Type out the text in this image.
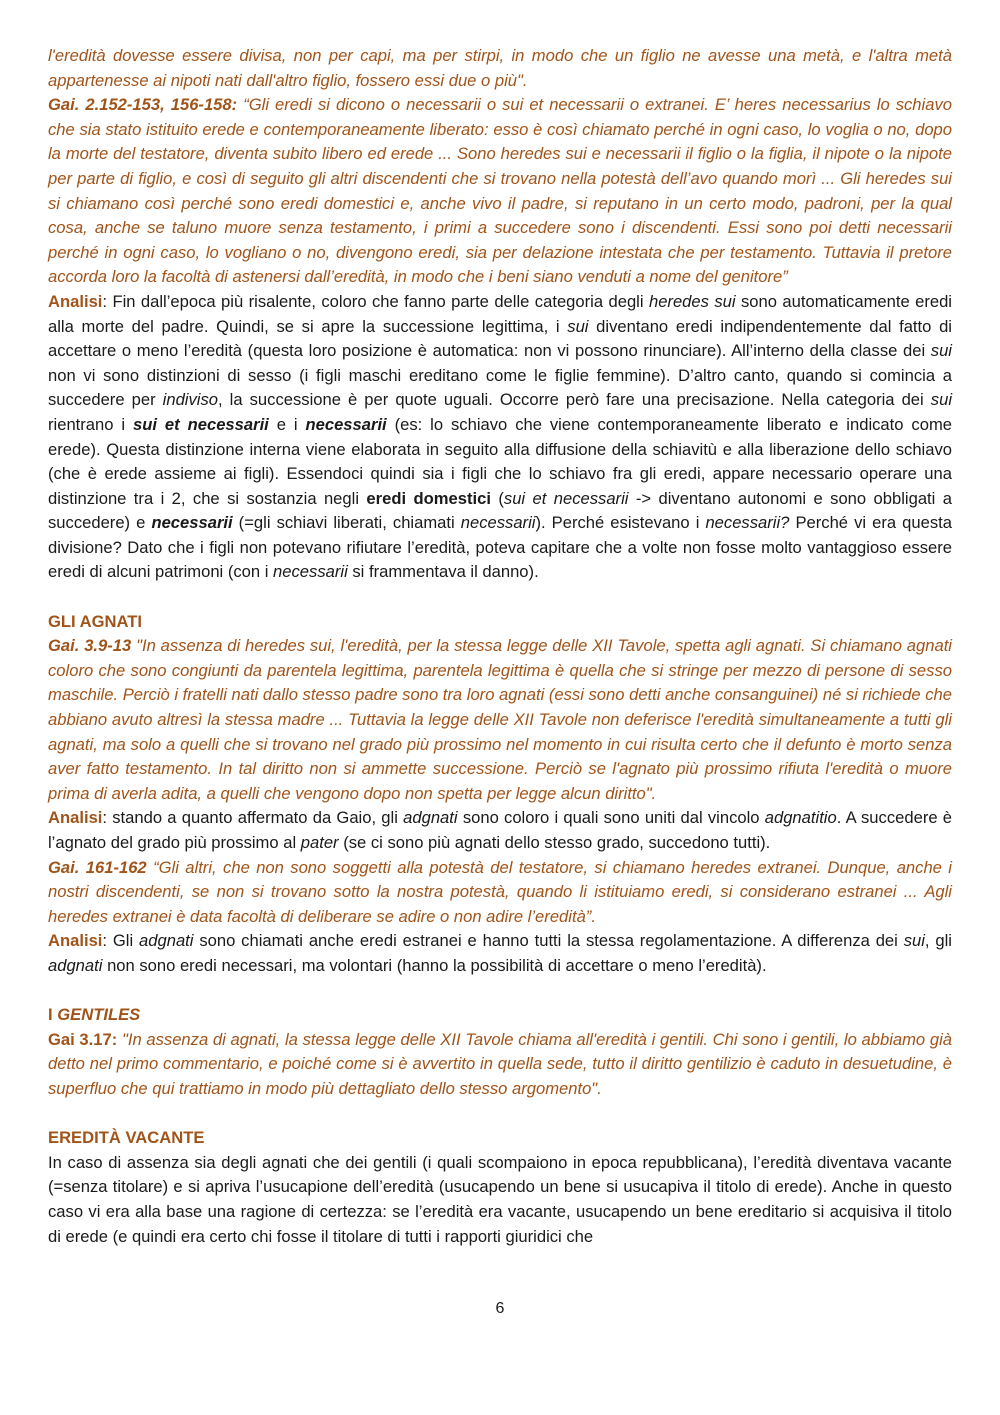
l'eredità dovesse essere divisa, non per capi, ma per stirpi, in modo che un figlio ne avesse una metà, e l'altra metà appartenesse ai nipoti nati dall'altro figlio, fossero essi due o più".

Gai. 2.152-153, 156-158: “Gli eredi si dicono o necessarii o sui et necessarii o extranei. E’ heres necessarius lo schiavo che sia stato istituito erede e contemporaneamente liberato: esso è così chiamato perché in ogni caso, lo voglia o no, dopo la morte del testatore, diventa subito libero ed erede ... Sono heredes sui e necessarii il figlio o la figlia, il nipote o la nipote per parte di figlio, e così di seguito gli altri discendenti che si trovano nella potestà dell’avo quando morì ... Gli heredes sui si chiamano così perché sono eredi domestici e, anche vivo il padre, si reputano in un certo modo, padroni, per la qual cosa, anche se taluno muore senza testamento, i primi a succedere sono i discendenti. Essi sono poi detti necessarii perché in ogni caso, lo vogliano o no, divengono eredi, sia per delazione intestata che per testamento. Tuttavia il pretore accorda loro la facoltà di astenersi dall’eredità, in modo che i beni siano venduti a nome del genitore”

Analisi: Fin dall’epoca più risalente, coloro che fanno parte delle categoria degli heredes sui sono automaticamente eredi alla morte del padre. Quindi, se si apre la successione legittima, i sui diventano eredi indipendentemente dal fatto di accettare o meno l’eredità (questa loro posizione è automatica: non vi possono rinunciare). All’interno della classe dei sui non vi sono distinzioni di sesso (i figli maschi ereditano come le figlie femmine). D’altro canto, quando si comincia a succedere per indiviso, la successione è per quote uguali. Occorre però fare una precisazione. Nella categoria dei sui rientrano i sui et necessarii e i necessarii (es: lo schiavo che viene contemporaneamente liberato e indicato come erede). Questa distinzione interna viene elaborata in seguito alla diffusione della schiavitù e alla liberazione dello schiavo (che è erede assieme ai figli). Essendoci quindi sia i figli che lo schiavo fra gli eredi, appare necessario operare una distinzione tra i 2, che si sostanzia negli eredi domestici (sui et necessarii -> diventano autonomi e sono obbligati a succedere) e necessarii (=gli schiavi liberati, chiamati necessarii). Perché esistevano i necessarii? Perché vi era questa divisione? Dato che i figli non potevano rifiutare l’eredità, poteva capitare che a volte non fosse molto vantaggioso essere eredi di alcuni patrimoni (con i necessarii si frammentava il danno).

GLI AGNATI

Gai. 3.9-13 "In assenza di heredes sui, l'eredità, per la stessa legge delle XII Tavole, spetta agli agnati. Si chiamano agnati coloro che sono congiunti da parentela legittima, parentela legittima è quella che si stringe per mezzo di persone di sesso maschile. Perciò i fratelli nati dallo stesso padre sono tra loro agnati (essi sono detti anche consanguinei) né si richiede che abbiano avuto altresì la stessa madre ... Tuttavia la legge delle XII Tavole non deferisce l'eredità simultaneamente a tutti gli agnati, ma solo a quelli che si trovano nel grado più prossimo nel momento in cui risulta certo che il defunto è morto senza aver fatto testamento. In tal diritto non si ammette successione. Perciò se l'agnato più prossimo rifiuta l'eredità o muore prima di averla adita, a quelli che vengono dopo non spetta per legge alcun diritto".

Analisi: stando a quanto affermato da Gaio, gli adgnati sono coloro i quali sono uniti dal vincolo adgnatitio. A succedere è l’agnato del grado più prossimo al pater (se ci sono più agnati dello stesso grado, succedono tutti).

Gai. 161-162 “Gli altri, che non sono soggetti alla potestà del testatore, si chiamano heredes extranei. Dunque, anche i nostri discendenti, se non si trovano sotto la nostra potestà, quando li istituiamo eredi, si considerano estranei ... Agli heredes extranei è data facoltà di deliberare se adire o non adire l’eredità”.

Analisi: Gli adgnati sono chiamati anche eredi estranei e hanno tutti la stessa regolamentazione. A differenza dei sui, gli adgnati non sono eredi necessari, ma volontari (hanno la possibilità di accettare o meno l’eredità).

I GENTILES

Gai 3.17: "In assenza di agnati, la stessa legge delle XII Tavole chiama all'eredità i gentili. Chi sono i gentili, lo abbiamo già detto nel primo commentario, e poiché come si è avvertito in quella sede, tutto il diritto gentilizio è caduto in desuetudine, è superfluo che qui trattiamo in modo più dettagliato dello stesso argomento".

EREDITÀ VACANTE

In caso di assenza sia degli agnati che dei gentili (i quali scompaiono in epoca repubblicana), l’eredità diventava vacante (=senza titolare) e si apriva l’usucapione dell’eredità (usucapendo un bene si usucapiva il titolo di erede). Anche in questo caso vi era alla base una ragione di certezza: se l’eredità era vacante, usucapendo un bene ereditario si acquisiva il titolo di erede (e quindi era certo chi fosse il titolare di tutti i rapporti giuridici che

6
